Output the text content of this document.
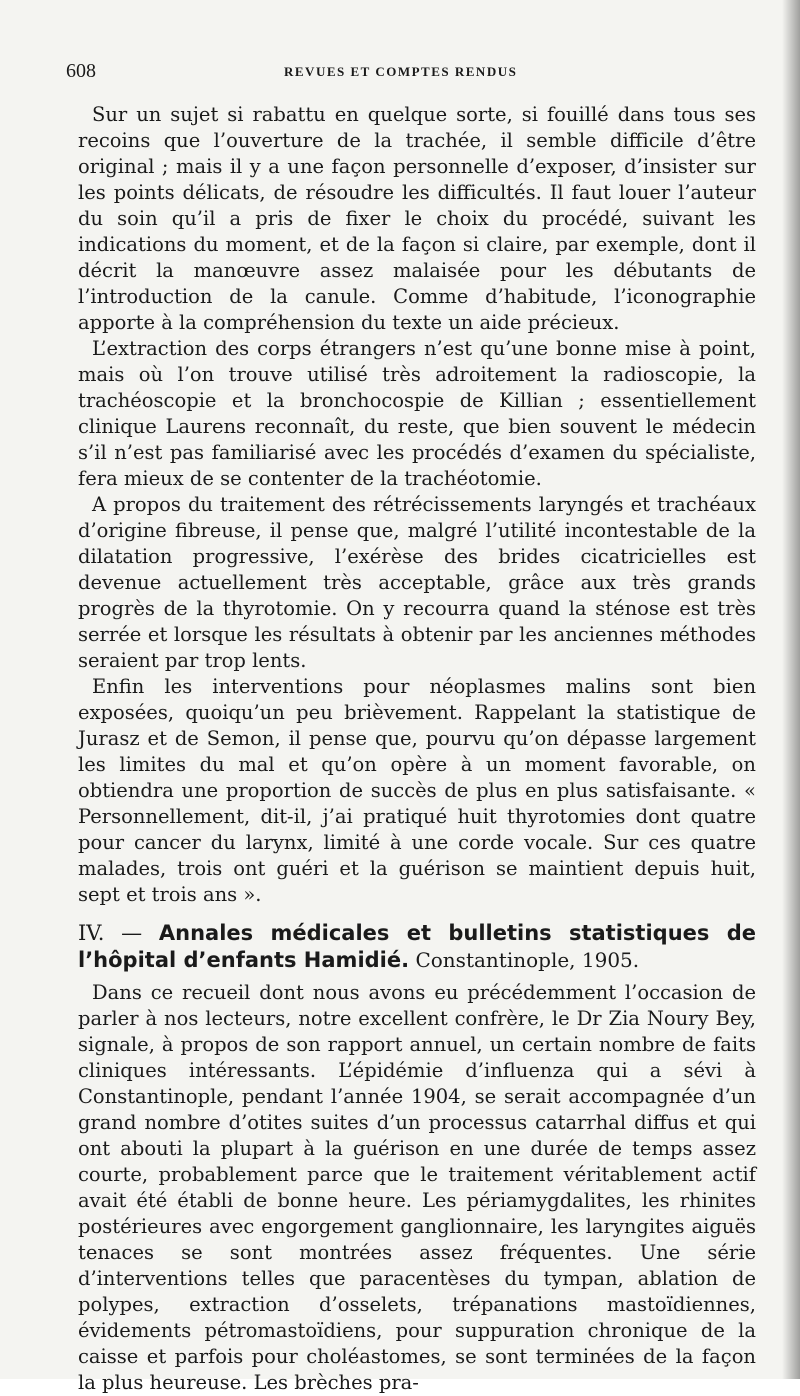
608	REVUES ET COMPTES RENDUS

Sur un sujet si rabattu en quelque sorte, si fouillé dans tous ses recoins que l’ouverture de la trachée, il semble difficile d’être original ; mais il y a une façon personnelle d’exposer, d’insister sur les points délicats, de résoudre les difficultés. Il faut louer l’auteur du soin qu’il a pris de fixer le choix du procédé, suivant les indications du moment, et de la façon si claire, par exemple, dont il décrit la manœuvre assez malaisée pour les débutants de l’introduction de la canule. Comme d’habitude, l’iconographie apporte à la compréhension du texte un aide précieux.

L’extraction des corps étrangers n’est qu’une bonne mise à point, mais où l’on trouve utilisé très adroitement la radioscopie, la trachéoscopie et la bronchocospie de Killian ; essentiellement clinique Laurens reconnaît, du reste, que bien souvent le médecin s’il n’est pas familiarisé avec les procédés d’examen du spécialiste, fera mieux de se contenter de la trachéotomie.

A propos du traitement des rétrécissements laryngés et trachéaux d’origine fibreuse, il pense que, malgré l’utilité incontestable de la dilatation progressive, l’exérèse des brides cicatricielles est devenue actuellement très acceptable, grâce aux très grands progrès de la thyrotomie. On y recourra quand la sténose est très serrée et lorsque les résultats à obtenir par les anciennes méthodes seraient par trop lents.

Enfin les interventions pour néoplasmes malins sont bien exposées, quoiqu’un peu brièvement. Rappelant la statistique de Jurasz et de Semon, il pense que, pourvu qu’on dépasse largement les limites du mal et qu’on opère à un moment favorable, on obtiendra une proportion de succès de plus en plus satisfaisante. « Personnellement, dit-il, j’ai pratiqué huit thyrotomies dont quatre pour cancer du larynx, limité à une corde vocale. Sur ces quatre malades, trois ont guéri et la guérison se maintient depuis huit, sept et trois ans ».

IV. — Annales médicales et bulletins statistiques de l’hôpital d’enfants Hamidié. Constantinople, 1905.

Dans ce recueil dont nous avons eu précédemment l’occasion de parler à nos lecteurs, notre excellent confrère, le Dr Zia Noury Bey, signale, à propos de son rapport annuel, un certain nombre de faits cliniques intéressants. L’épidémie d’influenza qui a sévi à Constantinople, pendant l’année 1904, se serait accompagnée d’un grand nombre d’otites suites d’un processus catarrhal diffus et qui ont abouti la plupart à la guérison en une durée de temps assez courte, probablement parce que le traitement véritablement actif avait été établi de bonne heure. Les périamygdalites, les rhinites postérieures avec engorgement ganglionnaire, les laryngites aiguës tenaces se sont montrées assez fréquentes. Une série d’interventions telles que paracentèses du tympan, ablation de polypes, extraction d’osselets, trépanations mastoïdiennes, évidements pétromastoïdiens, pour suppuration chronique de la caisse et parfois pour choléastomes, se sont terminées de la façon la plus heureuse. Les brèches pra-
